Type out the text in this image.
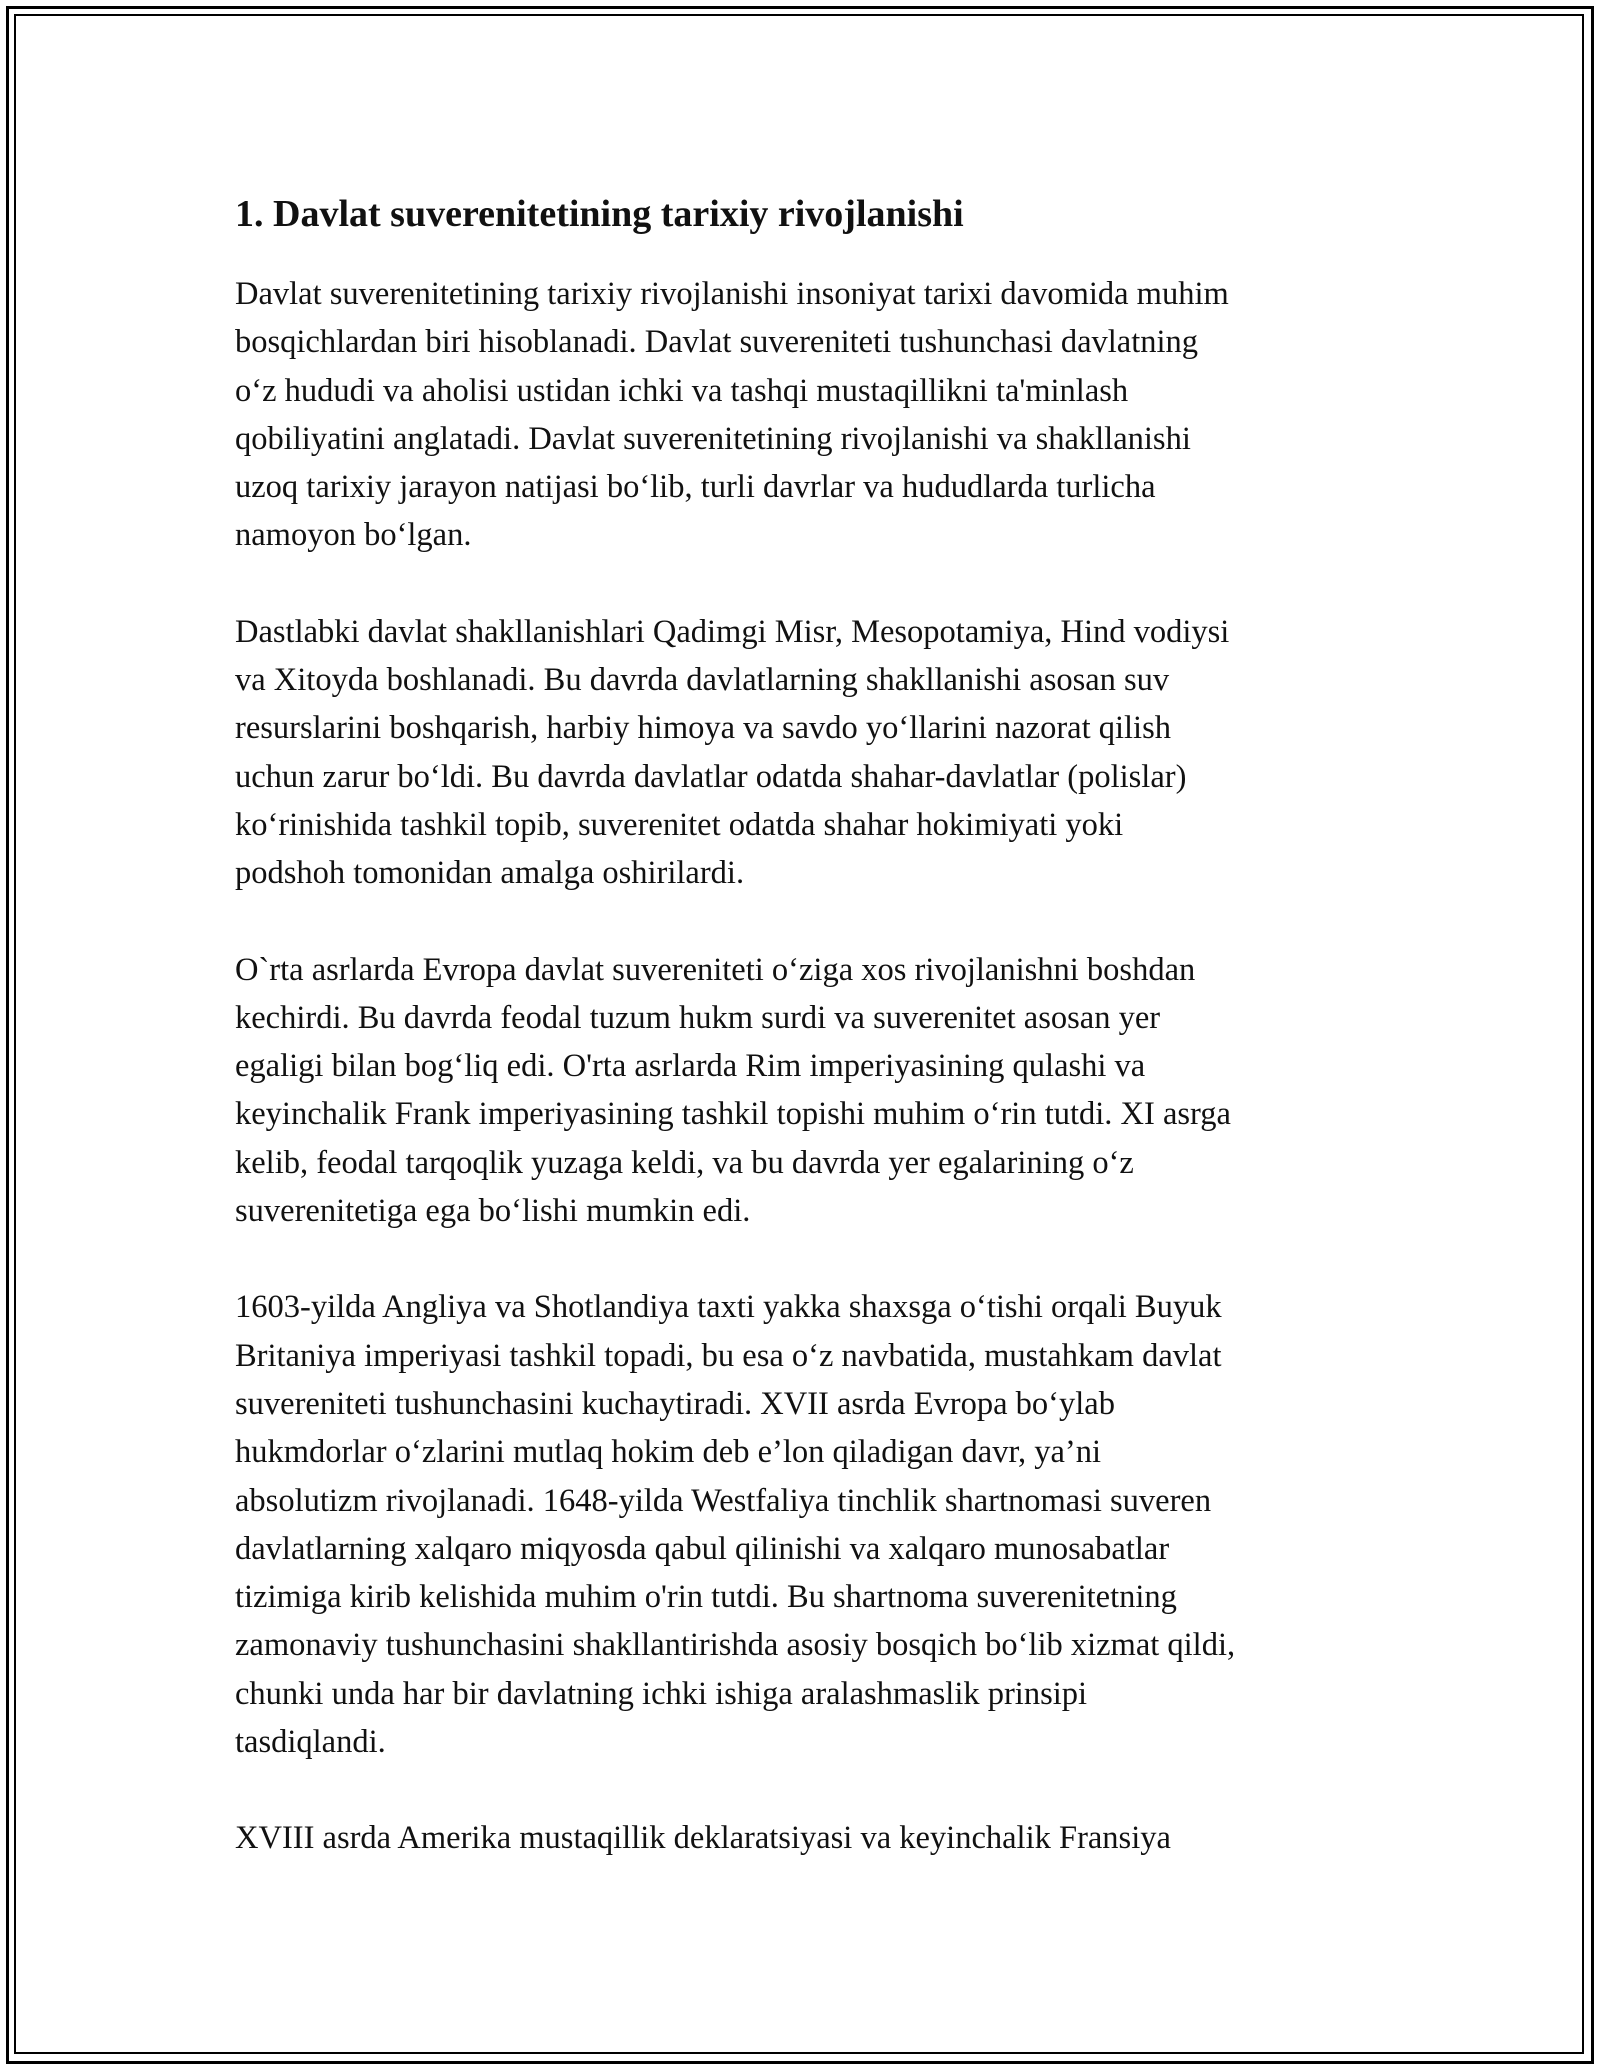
1. Davlat suverenitetining tarixiy rivojlanishi

Davlat suverenitetining tarixiy rivojlanishi insoniyat tarixi davomida muhim
bosqichlardan biri hisoblanadi. Davlat suvereniteti tushunchasi davlatning
o‘z hududi va aholisi ustidan ichki va tashqi mustaqillikni ta'minlash
qobiliyatini anglatadi. Davlat suverenitetining rivojlanishi va shakllanishi
uzoq tarixiy jarayon natijasi bo‘lib, turli davrlar va hududlarda turlicha
namoyon bo‘lgan.

Dastlabki davlat shakllanishlari Qadimgi Misr, Mesopotamiya, Hind vodiysi
va Xitoyda boshlanadi. Bu davrda davlatlarning shakllanishi asosan suv
resurslarini boshqarish, harbiy himoya va savdo yo‘llarini nazorat qilish
uchun zarur bo‘ldi. Bu davrda davlatlar odatda shahar-davlatlar (polislar)
ko‘rinishida tashkil topib, suverenitet odatda shahar hokimiyati yoki
podshoh tomonidan amalga oshirilardi.

O`rta asrlarda Evropa davlat suvereniteti o‘ziga xos rivojlanishni boshdan
kechirdi. Bu davrda feodal tuzum hukm surdi va suverenitet asosan yer
egaligi bilan bog‘liq edi. O'rta asrlarda Rim imperiyasining qulashi va
keyinchalik Frank imperiyasining tashkil topishi muhim o‘rin tutdi. XI asrga
kelib, feodal tarqoqlik yuzaga keldi, va bu davrda yer egalarining o‘z
suverenitetiga ega bo‘lishi mumkin edi.

1603-yilda Angliya va Shotlandiya taxti yakka shaxsga o‘tishi orqali Buyuk
Britaniya imperiyasi tashkil topadi, bu esa o‘z navbatida, mustahkam davlat
suvereniteti tushunchasini kuchaytiradi. XVII asrda Evropa bo‘ylab
hukmdorlar o‘zlarini mutlaq hokim deb e’lon qiladigan davr, ya’ni
absolutizm rivojlanadi. 1648-yilda Westfaliya tinchlik shartnomasi suveren
davlatlarning xalqaro miqyosda qabul qilinishi va xalqaro munosabatlar
tizimiga kirib kelishida muhim o'rin tutdi. Bu shartnoma suverenitetning
zamonaviy tushunchasini shakllantirishda asosiy bosqich bo‘lib xizmat qildi,
chunki unda har bir davlatning ichki ishiga aralashmaslik prinsipi
tasdiqlandi.

XVIII asrda Amerika mustaqillik deklaratsiyasi va keyinchalik Fransiya
